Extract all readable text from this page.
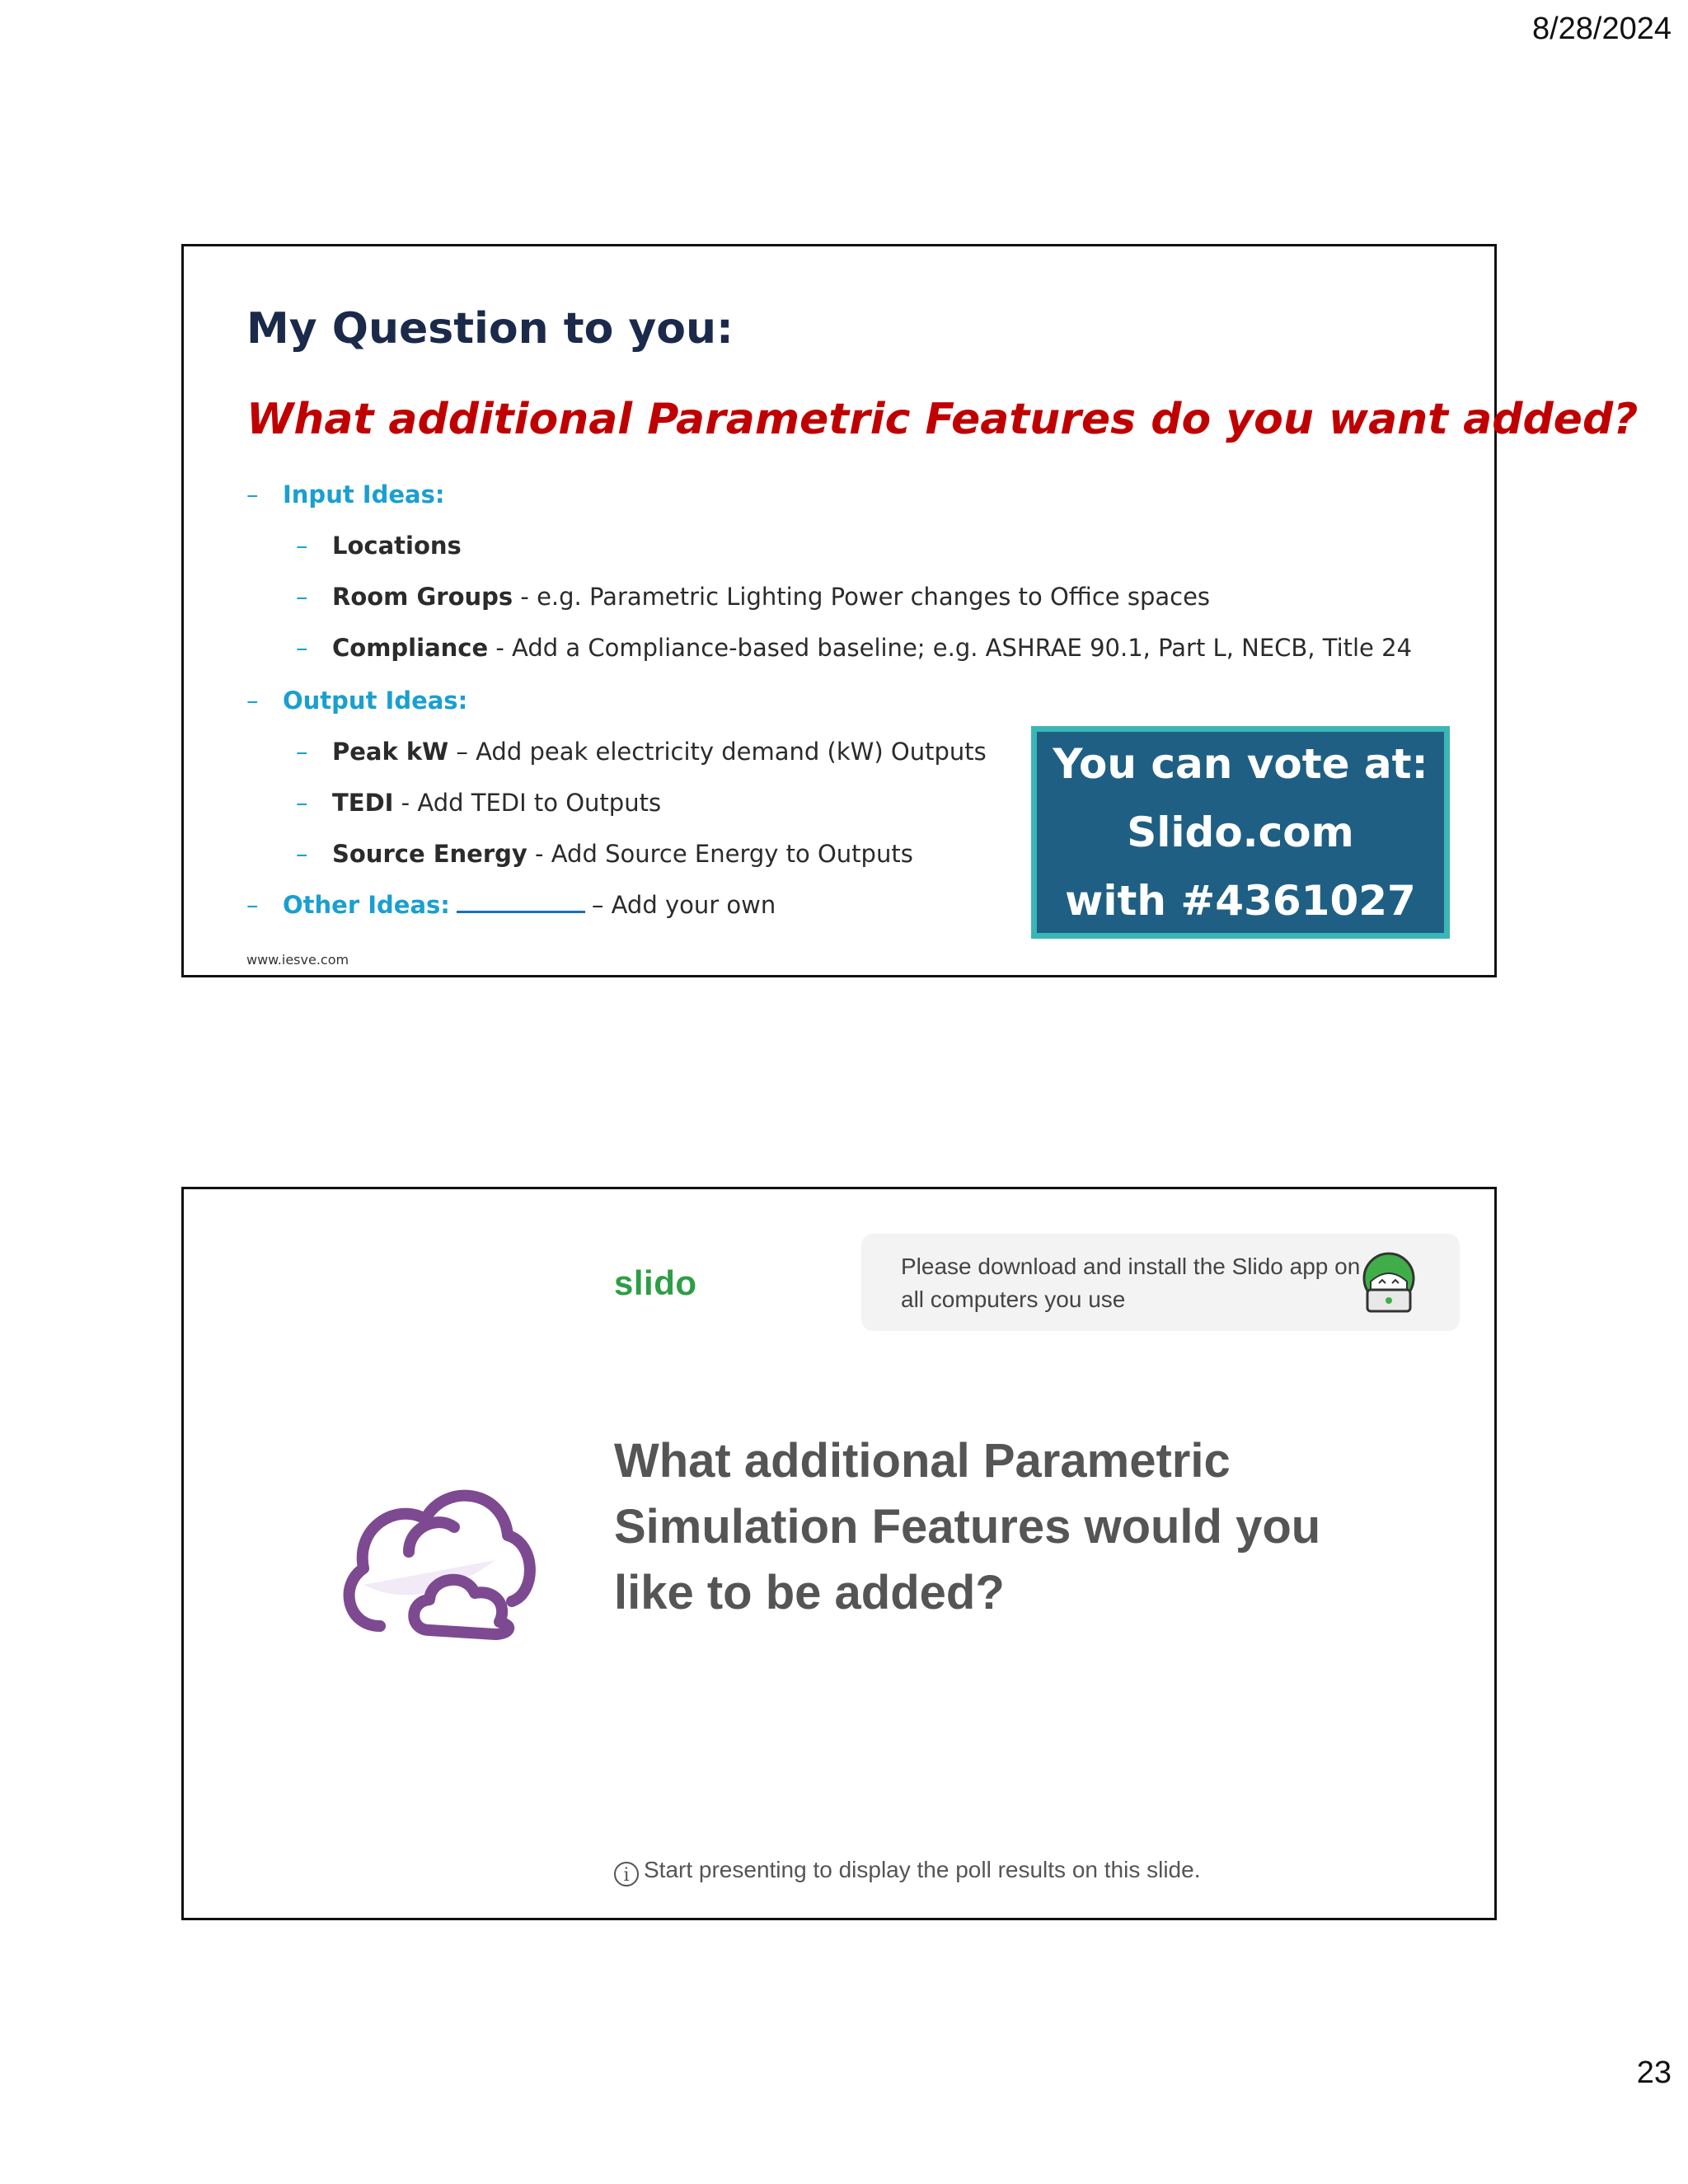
8/28/2024
My Question to you:
What additional Parametric Features do you want added?
– Input Ideas:
– Locations
– Room Groups - e.g. Parametric Lighting Power changes to Office spaces
– Compliance - Add a Compliance-based baseline; e.g. ASHRAE 90.1, Part L, NECB, Title 24
– Output Ideas:
– Peak kW – Add peak electricity demand (kW) Outputs
– TEDI - Add TEDI to Outputs
– Source Energy - Add Source Energy to Outputs
– Other Ideas:	– Add your own
www.iesve.com
You can vote at:
Slido.com
with #4361027
slido	Please download and install the Slido app on all computers you use
What additional Parametric Simulation Features would you like to be added?
i Start presenting to display the poll results on this slide.
23
